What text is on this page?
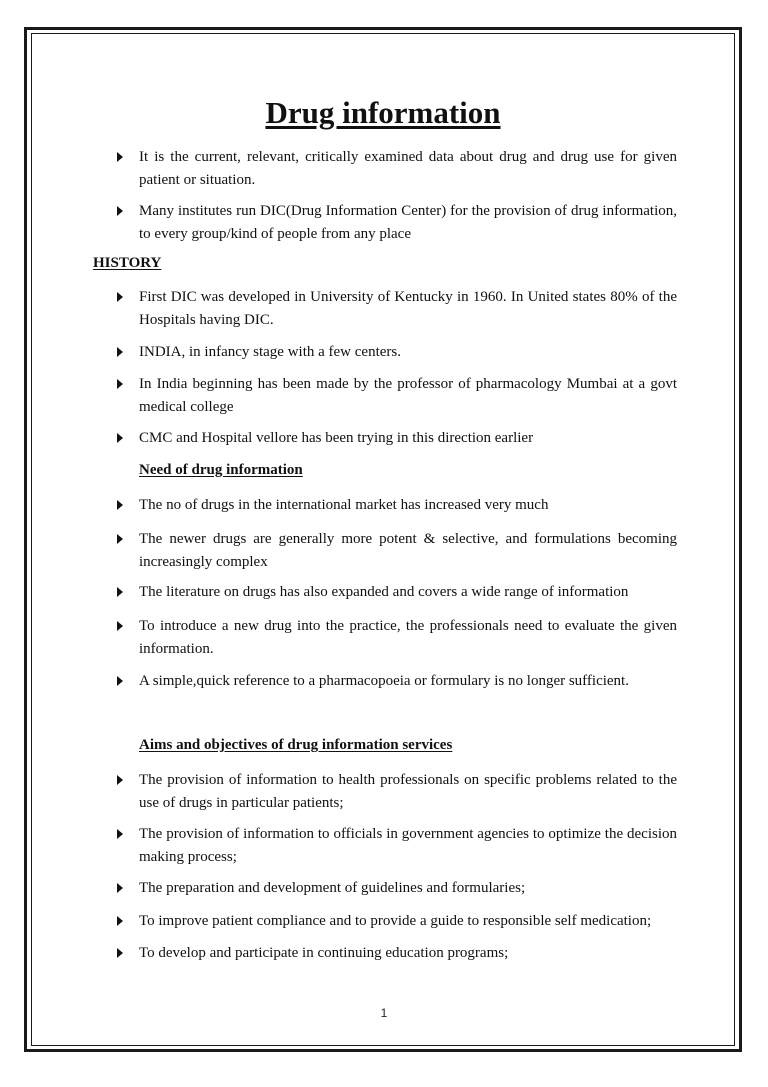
Drug information
It is the current, relevant, critically examined data about drug and drug use for given patient or situation.
Many institutes run DIC(Drug Information Center) for the provision of drug information, to every group/kind of people from any place
HISTORY
First DIC was developed in University of Kentucky in 1960. In United states 80% of the Hospitals having DIC.
INDIA, in infancy stage with a few centers.
In India beginning has been made by the professor of pharmacology Mumbai at a govt medical college
CMC and Hospital vellore has been trying in this direction earlier
Need of drug information
The no of drugs in the international market has increased very much
The newer drugs are generally more potent & selective, and formulations becoming increasingly complex
The literature on drugs has also expanded and covers a wide range of information
To introduce a new drug into the practice, the professionals need to evaluate the given information.
A simple,quick reference to a pharmacopoeia or formulary is no longer sufficient.
Aims and objectives of drug information services
The provision of information to health professionals on specific problems related to the use of drugs in particular patients;
The provision of information to officials in government agencies to optimize the decision making process;
The preparation and development of guidelines and formularies;
To improve patient compliance and to provide a guide to responsible self medication;
To develop and participate in continuing education programs;
1
